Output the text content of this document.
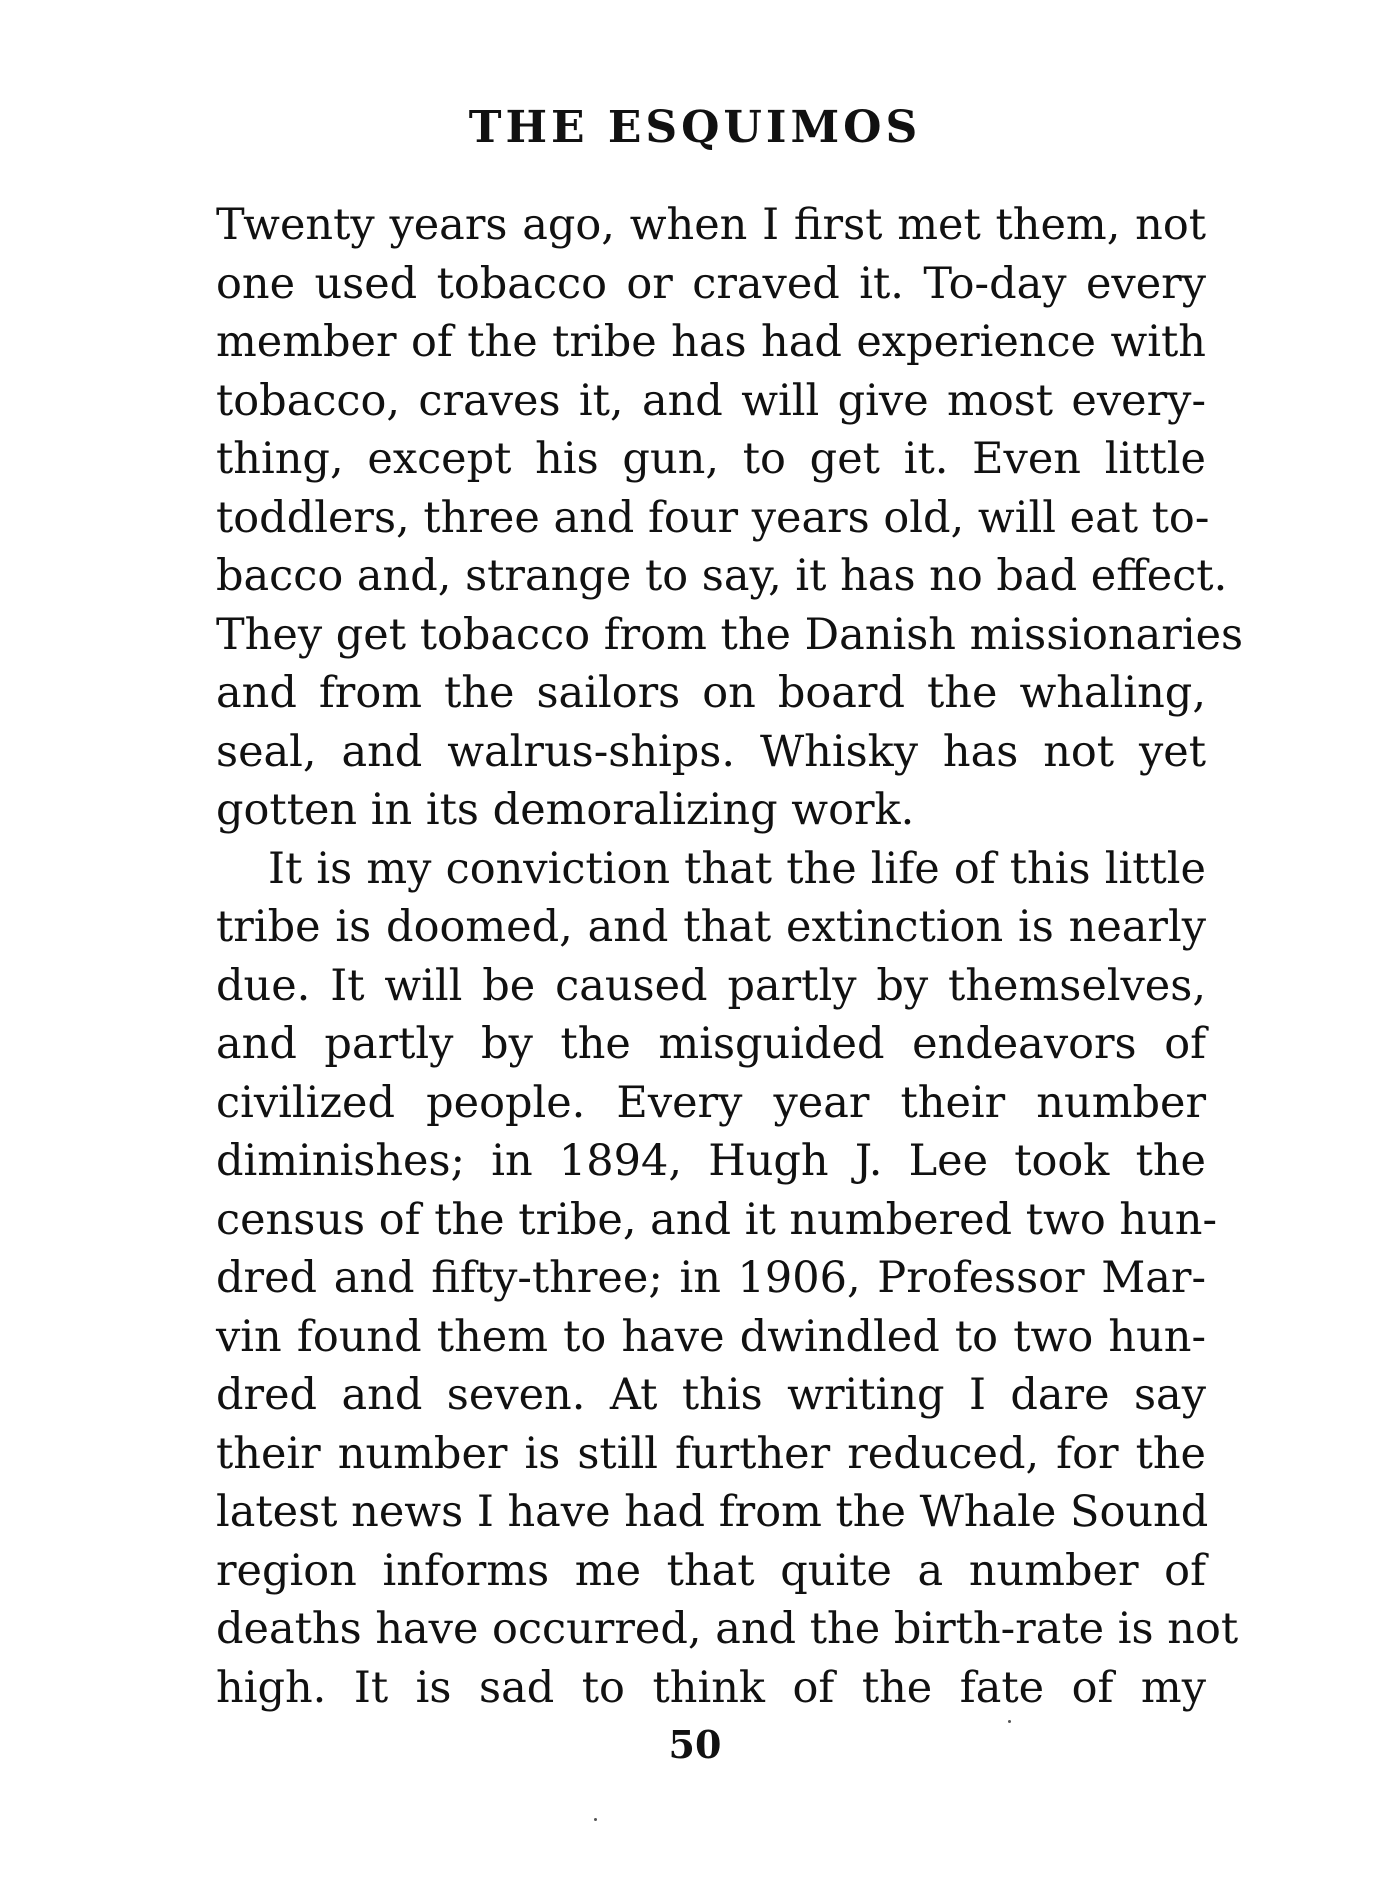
THE ESQUIMOS
Twenty years ago, when I first met them, not
one used tobacco or craved it. To-day every
member of the tribe has had experience with
tobacco, craves it, and will give most every-
thing, except his gun, to get it. Even little
toddlers, three and four years old, will eat to-
bacco and, strange to say, it has no bad effect.
They get tobacco from the Danish missionaries
and from the sailors on board the whaling,
seal, and walrus-ships. Whisky has not yet
gotten in its demoralizing work.
It is my conviction that the life of this little
tribe is doomed, and that extinction is nearly
due. It will be caused partly by themselves,
and partly by the misguided endeavors of
civilized people. Every year their number
diminishes; in 1894, Hugh J. Lee took the
census of the tribe, and it numbered two hun-
dred and fifty-three; in 1906, Professor Mar-
vin found them to have dwindled to two hun-
dred and seven. At this writing I dare say
their number is still further reduced, for the
latest news I have had from the Whale Sound
region informs me that quite a number of
deaths have occurred, and the birth-rate is not
high. It is sad to think of the fate of my
50
